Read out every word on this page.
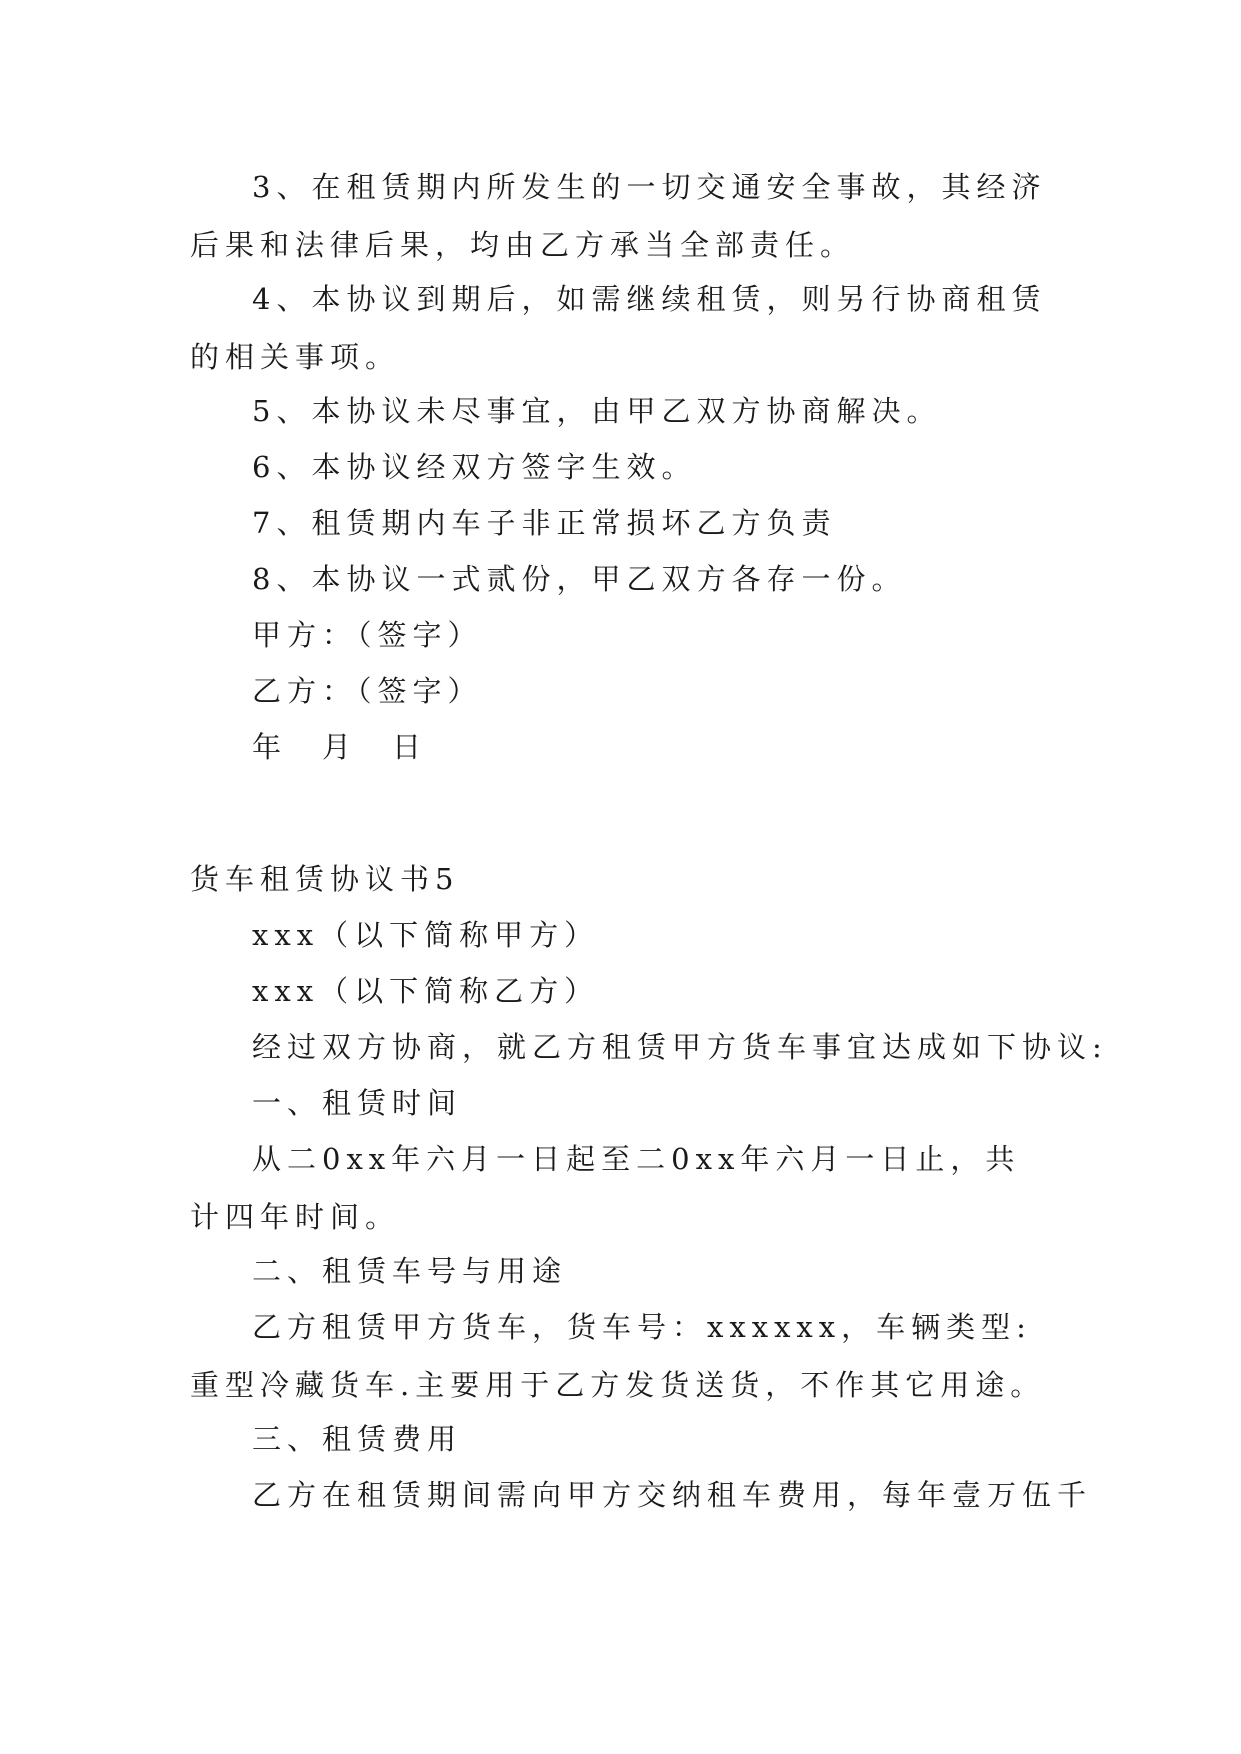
3、在租赁期内所发生的一切交通安全事故，其经济后果和法律后果，均由乙方承当全部责任。

4、本协议到期后，如需继续租赁，则另行协商租赁的相关事项。

5、本协议未尽事宜，由甲乙双方协商解决。

6、本协议经双方签字生效。

7、租赁期内车子非正常损坏乙方负责

8、本协议一式贰份，甲乙双方各存一份。

甲方：（签字）

乙方：（签字）

年　月　日

货车租赁协议书5

xxx（以下简称甲方）

xxx（以下简称乙方）

经过双方协商，就乙方租赁甲方货车事宜达成如下协议:

一、租赁时间

从二0xx年六月一日起至二0xx年六月一日止，共计四年时间。

二、租赁车号与用途

乙方租赁甲方货车，货车号：xxxxxx，车辆类型:重型冷藏货车.主要用于乙方发货送货，不作其它用途。

三、租赁费用

乙方在租赁期间需向甲方交纳租车费用，每年壹万伍千
